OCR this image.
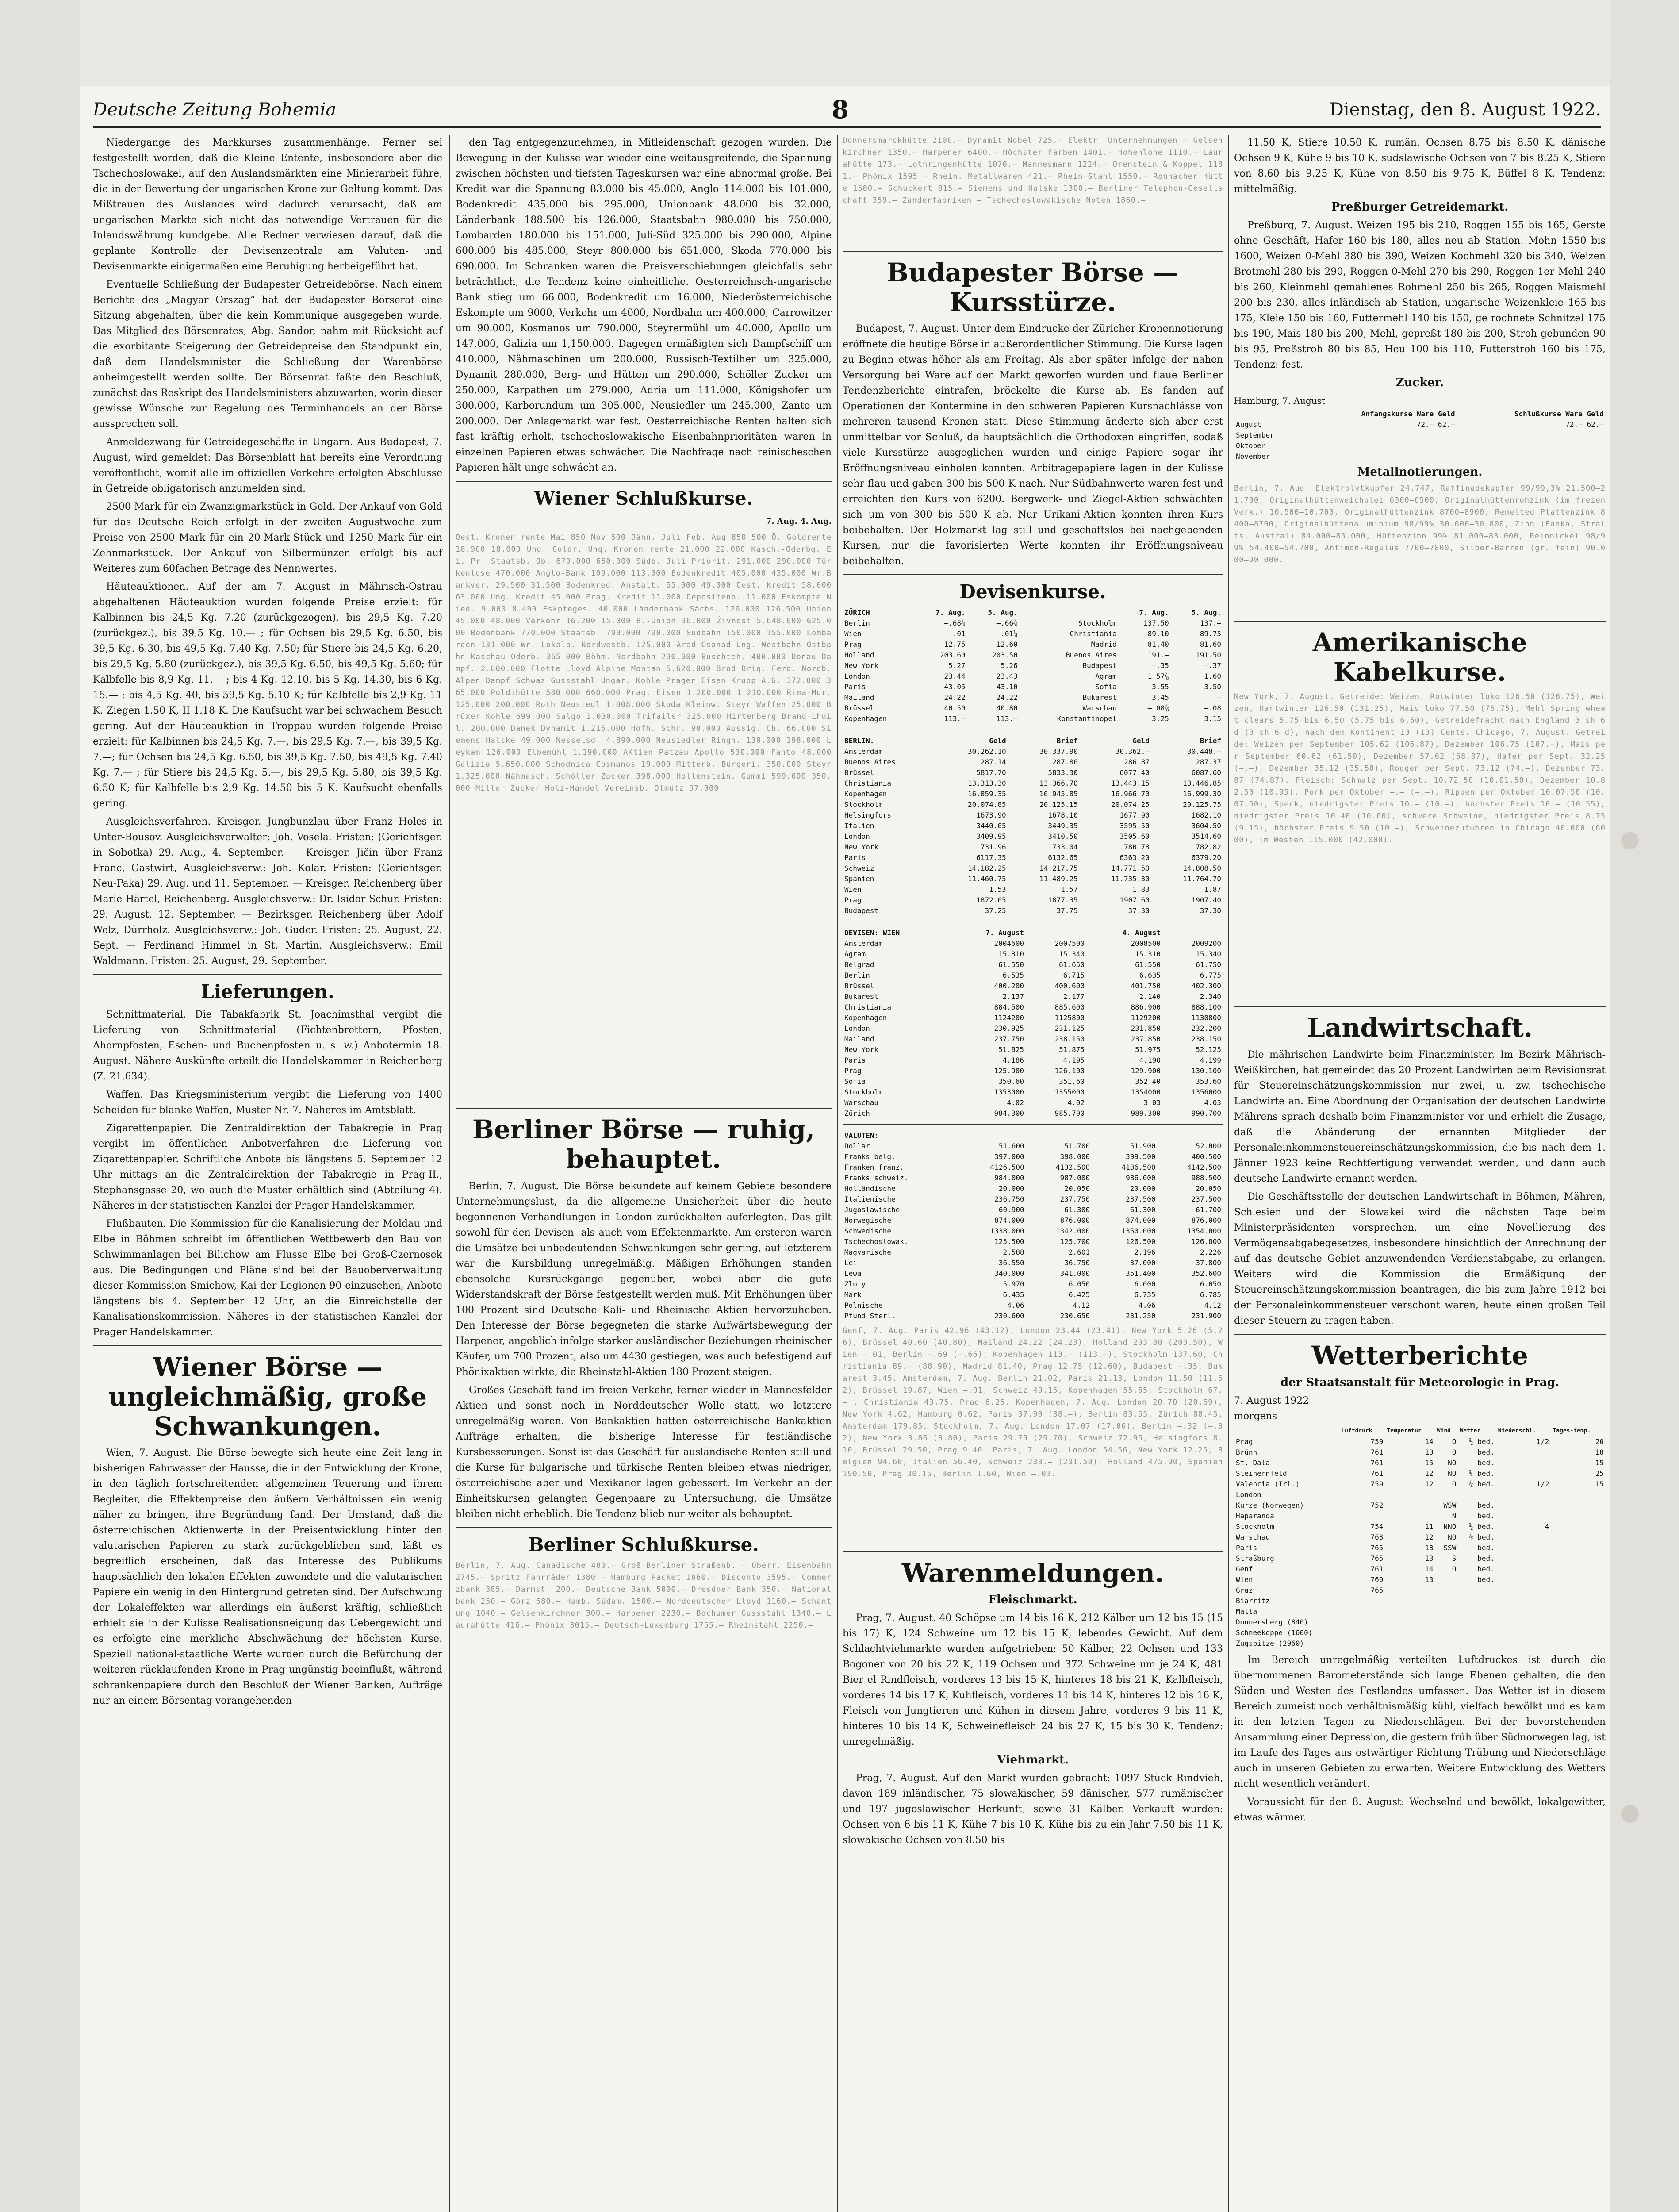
Deutsche Zeitung Bohemia	8	Dienstag, den 8. August 1922.

Niedergange des Markkurses zusammenhänge. Ferner sei festgestellt worden, daß die Kleine Entente, insbesondere aber die Tschechoslowakei, auf den Auslandsmärkten eine Minierarbeit führe, die in der Bewertung der ungarischen Krone zur Geltung kommt. Das Mißtrauen des Auslandes wird dadurch verursacht, daß am ungarischen Markte sich nicht das notwendige Vertrauen für die Inlandswährung kundgebe. Alle Redner verwiesen darauf, daß die geplante Kontrolle der Devisenzentrale am Valuten- und Devisenmarkte einigermaßen eine Beruhigung herbeigeführt hat.

Eventuelle Schließung der Budapester Getreidebörse. Nach einem Berichte des „Magyar Orszag“ hat der Budapester Börserat eine Sitzung abgehalten, über die kein Kommunique ausgegeben wurde. Das Mitglied des Börsenrates, Abg. Sandor, nahm mit Rücksicht auf die exorbitante Steigerung der Getreidepreise den Standpunkt ein, daß dem Handelsminister die Schließung der Warenbörse anheimgestellt werden sollte. Der Börsenrat faßte den Beschluß, zunächst das Reskript des Handelsministers abzuwarten, worin dieser gewisse Wünsche zur Regelung des Terminhandels an der Börse aussprechen soll.

Anmeldezwang für Getreidegeschäfte in Ungarn. Aus Budapest, 7. August, wird gemeldet: Das Börsenblatt hat bereits eine Verordnung veröffentlicht, womit alle im offiziellen Verkehre erfolgten Abschlüsse in Getreide obligatorisch anzumelden sind.

2500 Mark für ein Zwanzigmarkstück in Gold. Der Ankauf von Gold für das Deutsche Reich erfolgt in der zweiten Augustwoche zum Preise von 2500 Mark für ein 20-Mark-Stück und 1250 Mark für ein Zehnmarkstück. Der Ankauf von Silbermünzen erfolgt bis auf Weiteres zum 60fachen Betrage des Nennwertes.

Häuteauktionen. Auf der am 7. August in Mährisch-Ostrau abgehaltenen Häuteauktion wurden folgende Preise erzielt: für Kalbinnen bis 24,5 Kg. 7.20 (zurückgezogen), bis 29,5 Kg. 7.20 (zurückgez.), bis 39,5 Kg. 10.— ; für Ochsen bis 29,5 Kg. 6.50, bis 39,5 Kg. 6.30, bis 49,5 Kg. 7.40 Kg. 7.50; für Stiere bis 24,5 Kg. 6.20, bis 29,5 Kg. 5.80 (zurückgez.), bis 39,5 Kg. 6.50, bis 49,5 Kg. 5.60; für Kalbfelle bis 8,9 Kg. 11.— ; bis 4 Kg. 12.10, bis 5 Kg. 14.30, bis 6 Kg. 15.— ; bis 4,5 Kg. 40, bis 59,5 Kg. 5.10 K; für Kalbfelle bis 2,9 Kg. 11 K. Ziegen 1.50 K, II 1.18 K. Die Kaufsucht war bei schwachem Besuch gering. Auf der Häuteauktion in Troppau wurden folgende Preise erzielt: für Kalbinnen bis 24,5 Kg. 7.—, bis 29,5 Kg. 7.—, bis 39,5 Kg. 7.—; für Ochsen bis 24,5 Kg. 6.50, bis 39,5 Kg. 7.50, bis 49,5 Kg. 7.40 Kg. 7.— ; für Stiere bis 24,5 Kg. 5.—, bis 29,5 Kg. 5.80, bis 39,5 Kg. 6.50 K; für Kalbfelle bis 2,9 Kg. 14.50 bis 5 K. Kaufsucht ebenfalls gering.

Ausgleichsverfahren. Kreisger. Jungbunzlau über Franz Holes in Unter-Bousov. Ausgleichsverwalter: Joh. Vosela, Fristen: (Gerichtsger. in Sobotka) 29. Aug., 4. September. — Kreisger. Jičin über Franz Franc, Gastwirt, Ausgleichsverw.: Joh. Kolar. Fristen: (Gerichtsger. Neu-Paka) 29. Aug. und 11. September. — Kreisger. Reichenberg über Marie Härtel, Reichenberg. Ausgleichsverw.: Dr. Isidor Schur. Fristen: 29. August, 12. September. — Bezirksger. Reichenberg über Adolf Welz, Dürrholz. Ausgleichsverw.: Joh. Guder. Fristen: 25. August, 22. Sept. — Ferdinand Himmel in St. Martin. Ausgleichsverw.: Emil Waldmann. Fristen: 25. August, 29. September.

Lieferungen.

Schnittmaterial. Die Tabakfabrik St. Joachimsthal vergibt die Lieferung von Schnittmaterial (Fichtenbrettern, Pfosten, Ahornpfosten, Eschen- und Buchenpfosten u. s. w.) Anbotermin 18. August. Nähere Auskünfte erteilt die Handelskammer in Reichenberg (Z. 21.634).

Waffen. Das Kriegsministerium vergibt die Lieferung von 1400 Scheiden für blanke Waffen, Muster Nr. 7. Näheres im Amtsblatt.

Zigarettenpapier. Die Zentraldirektion der Tabakregie in Prag vergibt im öffentlichen Anbotverfahren die Lieferung von Zigarettenpapier. Schriftliche Anbote bis längstens 5. September 12 Uhr mittags an die Zentraldirektion der Tabakregie in Prag-II., Stephansgasse 20, wo auch die Muster erhältlich sind (Abteilung 4). Näheres in der statistischen Kanzlei der Prager Handelskammer.

Flußbauten. Die Kommission für die Kanalisierung der Moldau und Elbe in Böhmen schreibt im öffentlichen Wettbewerb den Bau von Schwimmanlagen bei Bilichow am Flusse Elbe bei Groß-Czernosek aus. Die Bedingungen und Pläne sind bei der Bauoberverwaltung dieser Kommission Smichow, Kai der Legionen 90 einzusehen, Anbote längstens bis 4. September 12 Uhr, an die Einreichstelle der Kanalisationskommission. Näheres in der statistischen Kanzlei der Prager Handelskammer.

Wiener Börse — ungleichmäßig, große Schwankungen.

Wien, 7. August. Die Börse bewegte sich heute eine Zeit lang in bisherigen Fahrwasser der Hausse, die in der Entwicklung der Krone, in den täglich fortschreitenden allgemeinen Teuerung und ihrem Begleiter, die Effektenpreise den äußern Verhältnissen ein wenig näher zu bringen, ihre Begründung fand. Der Umstand, daß die österreichischen Aktienwerte in der Preisentwicklung hinter den valutarischen Papieren zu stark zurückgeblieben sind, läßt es begreiflich erscheinen, daß das Interesse des Publikums hauptsächlich den lokalen Effekten zuwendete und die valutarischen Papiere ein wenig in den Hintergrund getreten sind. Der Aufschwung der Lokaleffekten war allerdings ein äußerst kräftig, schließlich erhielt sie in der Kulisse Realisationsneigung das Uebergewicht und es erfolgte eine merkliche Abschwächung der höchsten Kurse. Speziell national-staatliche Werte wurden durch die Befürchung der weiteren rücklaufenden Krone in Prag ungünstig beeinflußt, während schrankenpapiere durch den Beschluß der Wiener Banken, Aufträge nur an einem Börsentag vorangehenden

den Tag entgegenzunehmen, in Mitleidenschaft gezogen wurden. Die Bewegung in der Kulisse war wieder eine weitausgreifende, die Spannung zwischen höchsten und tiefsten Tageskursen war eine abnormal große. Bei Kredit war die Spannung 83.000 bis 45.000, Anglo 114.000 bis 101.000, Bodenkredit 435.000 bis 295.000, Unionbank 48.000 bis 32.000, Länderbank 188.500 bis 126.000, Staatsbahn 980.000 bis 750.000, Lombarden 180.000 bis 151.000, Juli-Süd 325.000 bis 290.000, Alpine 600.000 bis 485.000, Steyr 800.000 bis 651.000, Skoda 770.000 bis 690.000. Im Schranken waren die Preisverschiebungen gleichfalls sehr beträchtlich, die Tendenz keine einheitliche. Oesterreichisch-ungarische Bank stieg um 66.000, Bodenkredit um 16.000, Niederösterreichische Eskompte um 9000, Verkehr um 4000, Nordbahn um 400.000, Carrowitzer um 90.000, Kosmanos um 790.000, Steyrermühl um 40.000, Apollo um 147.000, Galizia um 1,150.000. Dagegen ermäßigten sich Dampfschiff um 410.000, Nähmaschinen um 200.000, Russisch-Textilher um 325.000, Dynamit 280.000, Berg- und Hütten um 290.000, Schöller Zucker um 250.000, Karpathen um 279.000, Adria um 111.000, Königshofer um 300.000, Karborundum um 305.000, Neusiedler um 245.000, Zanto um 200.000. Der Anlagemarkt war fest. Oesterreichische Renten halten sich fast kräftig erholt, tschechoslowakische Eisenbahnprioritäten waren in einzelnen Papieren etwas schwächer. Die Nachfrage nach reinischeschen Papieren hält unge schwächt an.

Wiener Schlußkurse.
7. Aug. 4. Aug.
Oest. Kronen rente Mai 850 Nov 500 Jänn. Juli Feb. Aug 850 500 Ö. Goldrente 18.900 18.000 Ung. Goldr. Ung. Kronen rente 21.000 22.000 Kasch.-Oderbg. Ei. Pr. Staatsb. Ob. 670.000 650.000 Südb. Juli Priorit. 291.000 290.000 Türkenlose 470.000 Anglo-Bank 109.000 113.000 Bodenkredit 405.000 435.000 Wr.Bankver. 29.500 31.500 Bodenkred. Anstalt. 65.000 49.000 Oest. Kredit 58.000 63.000 Ung. Kredit 45.000 Prag. Kredit 11.000 Depositenb. 11.000 Eskompte Nied. 9.000 8.490 Eskpteges. 40.000 Länderbank Sächs. 126.000 126.500 Union 45.000 48.000 Verkehr 16.200 15.000 B.-Union 36.000 Živnost 5.648.000 625.000 Bodenbank 770.000 Staatsb. 790.000 790.000 Südbahn 150.000 155.000 Lombarden 131.000 Wr. Lokalb. Nordwestb. 125.000 Arad-Csanad Ung. Westbahn Ostbahn Kaschau Oderb. 365.000 Böhm. Nordbahn 290.000 Buschteh. 400.000 Donau Dampf. 2.800.000 Flotte Lloyd Alpine Montan 5.620.000 Brod Briq. Ferd. Nordb. Alpen Dampf Schwaz Gussstahl Ungar. Kohle Prager Eisen Krupp A.G. 372.000 365.000 Poldihütte 580.000 660.000 Prag. Eisen 1.200.000 1.210.000 Rima-Mur. 125.000 200.000 Roth Neusiedl 1.008.000 Skoda Kleinw. Steyr Waffen 25.000 Brüxer Kohle 699.000 Salgo 1.030.000 Trifailer 325.000 Hirtenberg Brand-Lhuil. 200.000 Danek Dynamit 1.215.000 Hofh. Schr. 90.000 Aussig. Ch. 66.000 Siemens Halske 49.000 Nesselsd. 4.890.000 Neusiedler Ringh. 130.000 198.000 Leykam 126.000 Elbemühl 1.190.000 AKtien Patzau Apollo 530.000 Fanto 48.000 Galizia 5.650.000 Schodnica Cosmanos 19.000 Mitterb. Bürgeri. 350.000 Steyr 1.325.000 Nähmasch. Schöller Zucker 398.000 Hollenstein. Gummi 599.000 350.000 Miller Zucker Holz-Handel Vereinsb. Olmütz 57.000
Berliner Börse — ruhig, behauptet.

Berlin, 7. August. Die Börse bekundete auf keinem Gebiete besondere Unternehmungslust, da die allgemeine Unsicherheit über die heute begonnenen Verhandlungen in London zurückhalten auferlegten. Das gilt sowohl für den Devisen- als auch vom Effektenmarkte. Am ersteren waren die Umsätze bei unbedeutenden Schwankungen sehr gering, auf letzterem war die Kursbildung unregelmäßig. Mäßigen Erhöhungen standen ebensolche Kursrückgänge gegenüber, wobei aber die gute Widerstandskraft der Börse festgestellt werden muß. Mit Erhöhungen über 100 Prozent sind Deutsche Kali- und Rheinische Aktien hervorzuheben. Den Interesse der Börse begegneten die starke Aufwärtsbewegung der Harpener, angeblich infolge starker ausländischer Beziehungen rheinischer Käufer, um 700 Prozent, also um 4430 gestiegen, was auch befestigend auf Phönixaktien wirkte, die Rheinstahl-Aktien 180 Prozent steigen.

Großes Geschäft fand im freien Verkehr, ferner wieder in Mannesfelder Aktien und sonst noch in Norddeutscher Wolle statt, wo letztere unregelmäßig waren. Von Bankaktien hatten österreichische Bankaktien Aufträge erhalten, die bisherige Interesse für festländische Kursbesserungen. Sonst ist das Geschäft für ausländische Renten still und die Kurse für bulgarische und türkische Renten bleiben etwas niedriger, österreichische aber und Mexikaner lagen gebessert. Im Verkehr an der Einheitskursen gelangten Gegenpaare zu Untersuchung, die Umsätze bleiben nicht erheblich. Die Tendenz blieb nur weiter als behauptet.

Berliner Schlußkurse.
Berlin, 7. Aug. Canadische 480.— Groß-Berliner Straßenb. — Oberr. Eisenbahn 2745.— Spritz Fahrräder 1380.— Hamburg Packet 1060.— Disconto 3595.— Commerzbank 385.— Darmst. 200.— Deutsche Bank 5000.— Dresdner Bank 350.— Nationalbank 250.— Görz 580.— Hamb. Südam. 1500.— Norddeutscher Lloyd 1160.— Schantung 1040.— Gelsenkirchner 300.— Harpener 2230.— Bochumer Gussstahl 1340.— Laurahütte 416.— Phönix 3015.— Deutsch-Luxemburg 1755.— Rheinstahl 2250.—
Donnersmarckhütte 2100.— Dynamit Nobel 725.— Elektr. Unternehmungen — Gelsenkirchner 1350.— Harpener 6400.— Höchster Farben 1401.— Hohenlohe 1110.— Laurahütte 173.— Lothringenhütte 1070.— Mannesmann 1224.— Orenstein & Koppel 1181.— Phönix 1595.— Rhein. Metallwaren 421.— Rhein-Stahl 1550.— Ronnacher Hütte 1580.— Schuckert 815.— Siemens und Halske 1300.— Berliner Telephon-Gesellschaft 359.— Zanderfabriken — Tschechoslowakische Noten 1860.—
Budapester Börse — Kursstürze.

Budapest, 7. August. Unter dem Eindrucke der Züricher Kronennotierung eröffnete die heutige Börse in außerordentlicher Stimmung. Die Kurse lagen zu Beginn etwas höher als am Freitag. Als aber später infolge der nahen Versorgung bei Ware auf den Markt geworfen wurden und flaue Berliner Tendenzberichte eintrafen, bröckelte die Kurse ab. Es fanden auf Operationen der Kontermine in den schweren Papieren Kursnachlässe von mehreren tausend Kronen statt. Diese Stimmung änderte sich aber erst unmittelbar vor Schluß, da hauptsächlich die Orthodoxen eingriffen, sodaß viele Kursstürze ausgeglichen wurden und einige Papiere sogar ihr Eröffnungsniveau einholen konnten. Arbitragepapiere lagen in der Kulisse sehr flau und gaben 300 bis 500 K nach. Nur Südbahnwerte waren fest und erreichten den Kurs von 6200. Bergwerk- und Ziegel-Aktien schwächten sich um von 300 bis 500 K ab. Nur Urikani-Aktien konnten ihren Kurs beibehalten. Der Holzmarkt lag still und geschäftslos bei nachgebenden Kursen, nur die favorisierten Werte konnten ihr Eröffnungsniveau beibehalten.

Devisenkurse.
ZÜRICH	7. Aug.	5. Aug.		7. Aug.	5. Aug.
Berlin	—.68⅞	—.66⅞	Stockholm	137.50	137.—
Wien	—.01	—.01¼	Christiania	89.10	89.75
Prag	12.75	12.60	Madrid	81.40	81.60
Holland	203.60	203.50	Buenos Aires	191.—	191.50
New York	5.27	5.26	Budapest	—.35	—.37
London	23.44	23.43	Agram	1.57⅞	1.60
Paris	43.05	43.10	Sofia	3.55	3.50
Mailand	24.22	24.22	Bukarest	3.45	—
Brüssel	40.50	40.80	Warschau	—.08⅞	—.08
Kopenhagen	113.—	113.—	Konstantinopel	3.25	3.15
BERLIN.	Geld	Brief	Geld	Brief
Amsterdam	30.262.10	30.337.90	30.362.—	30.448.—
Buenos Aires	287.14	287.86	286.87	287.37
Brüssel	5817.70	5833.30	6077.40	6087.60
Christiania	13.313.30	13.366.70	13.443.15	13.446.85
Kopenhagen	16.859.35	16.945.85	16.966.70	16.999.30
Stockholm	20.074.85	20.125.15	20.074.25	20.125.75
Helsingfors	1673.90	1678.10	1677.90	1682.10
Italien	3440.65	3449.35	3595.50	3604.50
London	3409.95	3410.50	3505.60	3514.60
New York	731.96	733.04	780.78	782.82
Paris	6117.35	6132.65	6363.20	6379.20
Schweiz	14.182.25	14.217.75	14.771.50	14.808.50
Spanien	11.460.75	11.489.25	11.735.30	11.764.70
Wien	1.53	1.57	1.83	1.87
Prag	1872.65	1877.35	1907.60	1907.40
Budapest	37.25	37.75	37.30	37.30
DEVISEN: WIEN	7. August		4. August	
Amsterdam	2004600	2007500	2008500	2009200
Agram	15.310	15.340	15.310	15.340
Belgrad	61.550	61.650	61.550	61.750
Berlin	6.535	6.715	6.635	6.775
Brüssel	400.200	400.600	401.750	402.300
Bukarest	2.137	2.177	2.140	2.340
Christiania	884.500	885.600	886.900	888.100
Kopenhagen	1124200	1125800	1129200	1130800
London	230.925	231.125	231.850	232.200
Mailand	237.750	238.150	237.850	238.150
New York	51.825	51.875	51.975	52.125
Paris	4.186	4.195	4.190	4.199
Prag	125.900	126.100	129.900	130.100
Sofia	350.60	351.60	352.40	353.60
Stockholm	1353000	1355000	1354000	1356000
Warschau	4.02	4.02	3.03	4.03
Zürich	984.300	985.700	989.300	990.700
VALUTEN:				
Dollar	51.600	51.700	51.900	52.000
Franks belg.	397.000	398.000	399.500	400.500
Franken franz.	4126.500	4132.500	4136.500	4142.500
Franks schweiz.	984.000	987.000	986.000	988.500
Holländische	20.000	20.050	20.000	20.050
Italienische	236.750	237.750	237.500	237.500
Jugoslawische	60.900	61.300	61.300	61.700
Norwegische	874.000	876.000	874.000	876.000
Schwedische	1338.000	1342.000	1350.000	1354.000
Tschechoslowak.	125.500	125.700	126.500	126.800
Magyarische	2.588	2.601	2.196	2.226
Lei	36.550	36.750	37.000	37.800
Lewa	340.000	341.000	351.400	352.600
Zloty	5.970	6.050	6.000	6.050
Mark	6.435	6.425	6.735	6.785
Polnische	4.06	4.12	4.06	4.12
Pfund Sterl.	230.600	230.650	231.250	231.900
Genf, 7. Aug. Paris 42.96 (43.12), London 23.44 (23.41), New York 5.26 (5.26), Brüssel 40.60 (40.80), Mailand 24.22 (24.23), Holland 203.80 (203.50), Wien —.01, Berlin —.69 (—.66), Kopenhagen 113.— (113.—), Stockholm 137.60, Christiania 89.— (88.90), Madrid 81.40, Prag 12.75 (12.60), Budapest —.35, Bukarest 3.45. Amsterdam, 7. Aug. Berlin 21.02, Paris 21.13, London 11.50 (11.52), Brüssel 19.87, Wien —.01, Schweiz 49.15, Kopenhagen 55.65, Stockholm 67.— , Christiania 43.75, Prag 6.25. Kopenhagen, 7. Aug. London 20.70 (20.69), New York 4.62, Hamburg 0.62, Paris 37.90 (38.—), Berlin 83.55, Zürich 88.45, Amsterdam 179.85. Stockholm, 7. Aug. London 17.07 (17.06), Berlin —.32 (—.32), New York 3.86 (3.80), Paris 29.70 (29.70), Schweiz 72.95, Helsingfors 8.10, Brüssel 29.50, Prag 9.40. Paris, 7. Aug. London 54.56, New York 12.25, Belgien 94.60, Italien 56.40, Schweiz 233.— (231.50), Holland 475.90, Spanien 190.50, Prag 30.15, Berlin 1.60, Wien —.03.
Warenmeldungen.
Fleischmarkt.

Prag, 7. August. 40 Schöpse um 14 bis 16 K, 212 Kälber um 12 bis 15 (15 bis 17) K, 124 Schweine um 12 bis 15 K, lebendes Gewicht. Auf dem Schlachtviehmarkte wurden aufgetrieben: 50 Kälber, 22 Ochsen und 133 Bogoner von 20 bis 22 K, 119 Ochsen und 372 Schweine um je 24 K, 481 Bier el Rindfleisch, vorderes 13 bis 15 K, hinteres 18 bis 21 K, Kalbfleisch, vorderes 14 bis 17 K, Kuhfleisch, vorderes 11 bis 14 K, hinteres 12 bis 16 K, Fleisch von Jungtieren und Kühen in diesem Jahre, vorderes 9 bis 11 K, hinteres 10 bis 14 K, Schweinefleisch 24 bis 27 K, 15 bis 30 K. Tendenz: unregelmäßig.

Viehmarkt.

Prag, 7. August. Auf den Markt wurden gebracht: 1097 Stück Rindvieh, davon 189 inländischer, 75 slowakischer, 59 dänischer, 577 rumänischer und 197 jugoslawischer Herkunft, sowie 31 Kälber. Verkauft wurden: Ochsen von 6 bis 11 K, Kühe 7 bis 10 K, Kühe bis zu ein Jahr 7.50 bis 11 K, slowakische Ochsen von 8.50 bis

11.50 K, Stiere 10.50 K, rumän. Ochsen 8.75 bis 8.50 K, dänische Ochsen 9 K, Kühe 9 bis 10 K, südslawische Ochsen von 7 bis 8.25 K, Stiere von 8.60 bis 9.25 K, Kühe von 8.50 bis 9.75 K, Büffel 8 K. Tendenz: mittelmäßig.

Preßburger Getreidemarkt.

Preßburg, 7. August. Weizen 195 bis 210, Roggen 155 bis 165, Gerste ohne Geschäft, Hafer 160 bis 180, alles neu ab Station. Mohn 1550 bis 1600, Weizen 0-Mehl 380 bis 390, Weizen Kochmehl 320 bis 340, Weizen Brotmehl 280 bis 290, Roggen 0-Mehl 270 bis 290, Roggen 1er Mehl 240 bis 260, Kleinmehl gemahlenes Rohmehl 250 bis 265, Roggen Maismehl 200 bis 230, alles inländisch ab Station, ungarische Weizenkleie 165 bis 175, Kleie 150 bis 160, Futtermehl 140 bis 150, ge rochnete Schnitzel 175 bis 190, Mais 180 bis 200, Mehl, gepreßt 180 bis 200, Stroh gebunden 90 bis 95, Preßstroh 80 bis 85, Heu 100 bis 110, Futterstroh 160 bis 175, Tendenz: fest.

Zucker.
Hamburg, 7. August
	Anfangskurse Ware Geld	Schlußkurse Ware Geld
August	72.— 62.—	72.— 62.—
September		
Oktober		
November		
Metallnotierungen.
Berlin, 7. Aug. Elektrolytkupfer 24.747, Raffinadekupfer 99/99,3% 21.500—21.700, Originalhüttenweichblei 6300—6500, Originalhüttenrohzink (im freien Verk.) 10.500—10.700, Originalhüttenzink 8700—8900, Remelted Plattenzink 8400—8700, Originalhüttenaluminium 98/99% 30.600—30.800, Zinn (Banka, Straits, Austral) 84.000—85.000, Hüttenzinn 99% 81.000—83.000, Reinnickel 98/99% 54.400—54.700, Antimon-Regulus 7700—7800, Silber-Barren (gr. fein) 90.000—90.000.
Amerikanische Kabelkurse.
New York, 7. August. Getreide: Weizen, Rotwinter loko 126.50 (128.75), Weizen, Hartwinter 126.50 (131.25), Mais loko 77.50 (76.75), Mehl Spring wheat clears 5.75 bis 6.50 (5.75 bis 6.50), Getreidefracht nach England 3 sh 6 d (3 sh 6 d), nach dem Kontinent 13 (13) Cents. Chicago, 7. August. Getreide: Weizen per September 105.62 (106.87), Dezember 106.75 (107.—), Mais per September 60.62 (61.50), Dezember 57.62 (58.37), Hafer per Sept. 32.25 (—.—), Dezember 35.12 (35.50), Roggen per Sept. 73.12 (74.—), Dezember 73.87 (74.87). Fleisch: Schmalz per Sept. 10.72.50 (10.01.50), Dezember 10.82.50 (10.95), Pork per Oktober —.— (—.—), Rippen per Oktober 10.07.50 (10.07.50), Speck, niedrigster Preis 10.— (10.—), höchster Preis 10.— (10.55), niedrigster Preis 10.40 (10.60), schwere Schweine, niedrigster Preis 8.75 (9.15), höchster Preis 9.50 (10.—), Schweinezufuhren in Chicago 40.000 (6000), im Westen 115.000 (42.000).
Landwirtschaft.

Die mährischen Landwirte beim Finanzminister. Im Bezirk Mährisch-Weißkirchen, hat gemeindet das 20 Prozent Landwirten beim Revisionsrat für Steuereinschätzungskommission nur zwei, u. zw. tschechische Landwirte an. Eine Abordnung der Organisation der deutschen Landwirte Mährens sprach deshalb beim Finanzminister vor und erhielt die Zusage, daß die Abänderung der ernannten Mitglieder der Personaleinkommensteuereinschätzungskommission, die bis nach dem 1. Jänner 1923 keine Rechtfertigung verwendet werden, und dann auch deutsche Landwirte ernannt werden.

Die Geschäftsstelle der deutschen Landwirtschaft in Böhmen, Mähren, Schlesien und der Slowakei wird die nächsten Tage beim Ministerpräsidenten vorsprechen, um eine Novellierung des Vermögensabgabegesetzes, insbesondere hinsichtlich der Anrechnung der auf das deutsche Gebiet anzuwendenden Verdienstabgabe, zu erlangen. Weiters wird die Kommission die Ermäßigung der Steuereinschätzungskommission beantragen, die bis zum Jahre 1912 bei der Personaleinkommensteuer verschont waren, heute einen großen Teil dieser Steuern zu tragen haben.

Wetterberichte
der Staatsanstalt für Meteorologie in Prag.
7. August 1922
morgens
	Luftdruck	Temperatur	Wind	Wetter	Niederschl.	Tages-temp.
Prag	759	14	O	½ bed.	1/2	20
Brünn	761	13	O	bed.		18
St. Dala	761	15	NO	bed.		15
Steinernfeld	761	12	NO	¼ bed.		25
Valencia (Irl.)	759	12	O	¼ bed.	1/2	15
London						
Kurze (Norwegen)	752		WSW	bed.		
Haparanda			N	bed.		
Stockholm	754	11	NNO	½ bed.	4	
Warschau	763	12	NO	½ bed.		
Paris	765	13	SSW	bed.		
Straßburg	765	13	S	bed.		
Genf	761	14	O	bed.		
Wien	760	13		bed.		
Graz	765					
Biarritz						
Malta						
Donnersberg (840)						
Schneekoppe (1600)						
Zugspitze (2960)						

Im Bereich unregelmäßig verteilten Luftdruckes ist durch die übernommenen Barometerstände sich lange Ebenen gehalten, die den Süden und Westen des Festlandes umfassen. Das Wetter ist in diesem Bereich zumeist noch verhältnismäßig kühl, vielfach bewölkt und es kam in den letzten Tagen zu Niederschlägen. Bei der bevorstehenden Ansammlung einer Depression, die gestern früh über Südnorwegen lag, ist im Laufe des Tages aus ostwärtiger Richtung Trübung und Niederschläge auch in unseren Gebieten zu erwarten. Weitere Entwicklung des Wetters nicht wesentlich verändert.

Voraussicht für den 8. August: Wechselnd und bewölkt, lokalgewitter, etwas wärmer.
